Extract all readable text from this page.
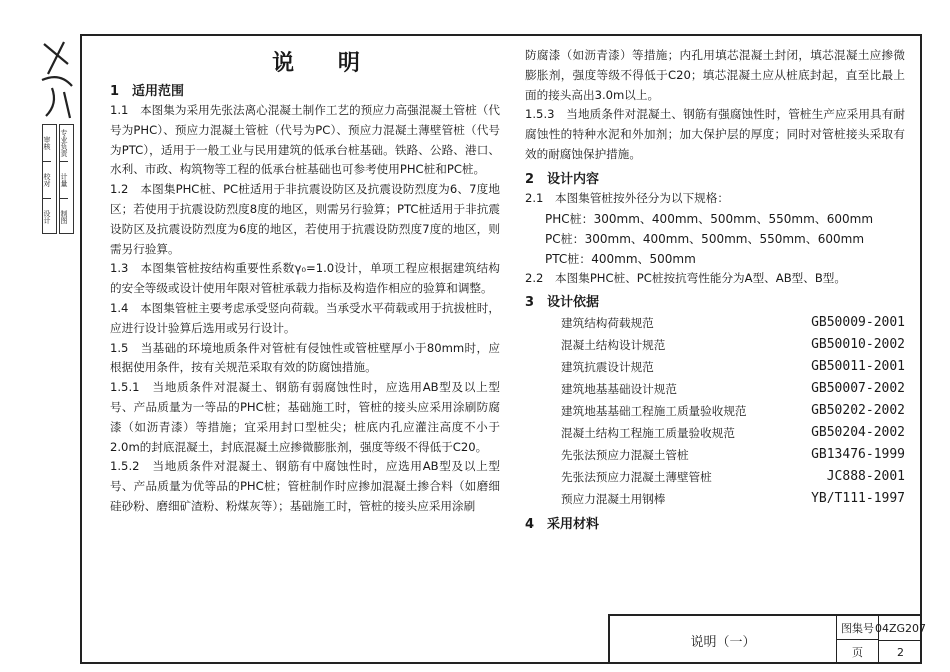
审核
校对
设计
专业负责
计量
制图
说 明
1　适用范围

1.1　本图集为采用先张法离心混凝土制作工艺的预应力高强混凝土管桩（代号为PHC）、预应力混凝土管桩（代号为PC）、预应力混凝土薄壁管桩（代号为PTC），适用于一般工业与民用建筑的低承台桩基础。铁路、公路、港口、水利、市政、构筑物等工程的低承台桩基础也可参考使用PHC桩和PC桩。

1.2　本图集PHC桩、PC桩适用于非抗震设防区及抗震设防烈度为6、7度地区；若使用于抗震设防烈度8度的地区，则需另行验算；PTC桩适用于非抗震设防区及抗震设防烈度为6度的地区，若使用于抗震设防烈度7度的地区，则需另行验算。

1.3　本图集管桩按结构重要性系数γ₀=1.0设计，单项工程应根据建筑结构的安全等级或设计使用年限对管桩承载力指标及构造作相应的验算和调整。

1.4　本图集管桩主要考虑承受竖向荷载。当承受水平荷载或用于抗拔桩时，应进行设计验算后选用或另行设计。

1.5　当基础的环境地质条件对管桩有侵蚀性或管桩壁厚小于80mm时，应根据使用条件，按有关规范采取有效的防腐蚀措施。

1.5.1　当地质条件对混凝土、钢筋有弱腐蚀性时，应选用AB型及以上型号、产品质量为一等品的PHC桩；基础施工时，管桩的接头应采用涂刷防腐漆（如沥青漆）等措施；宜采用封口型桩尖；桩底内孔应灌注高度不小于2.0m的封底混凝土，封底混凝土应掺微膨胀剂，强度等级不得低于C20。

1.5.2　当地质条件对混凝土、钢筋有中腐蚀性时，应选用AB型及以上型号、产品质量为优等品的PHC桩；管桩制作时应掺加混凝土掺合料（如磨细硅砂粉、磨细矿渣粉、粉煤灰等）；基础施工时，管桩的接头应采用涂刷

防腐漆（如沥青漆）等措施；内孔用填芯混凝土封闭，填芯混凝土应掺微膨胀剂，强度等级不得低于C20；填芯混凝土应从桩底封起，直至比最上面的接头高出3.0m以上。

1.5.3　当地质条件对混凝土、钢筋有强腐蚀性时，管桩生产应采用具有耐腐蚀性的特种水泥和外加剂；加大保护层的厚度；同时对管桩接头采取有效的耐腐蚀保护措施。

2　设计内容

2.1　本图集管桩按外径分为以下规格：

PHC桩：300mm、400mm、500mm、550mm、600mm
PC桩：300mm、400mm、500mm、550mm、600mm
PTC桩：400mm、500mm

2.2　本图集PHC桩、PC桩按抗弯性能分为A型、AB型、B型。

3　设计依据
建筑结构荷载规范	GB50009-2001
混凝土结构设计规范	GB50010-2002
建筑抗震设计规范	GB50011-2001
建筑地基基础设计规范	GB50007-2002
建筑地基基础工程施工质量验收规范	GB50202-2002
混凝土结构工程施工质量验收规范	GB50204-2002
先张法预应力混凝土管桩	GB13476-1999
先张法预应力混凝土薄壁管桩	JC888-2001
预应力混凝土用钢棒	YB/T111-1997
4　采用材料
说明（一）
图集号 04ZG207
页	2
